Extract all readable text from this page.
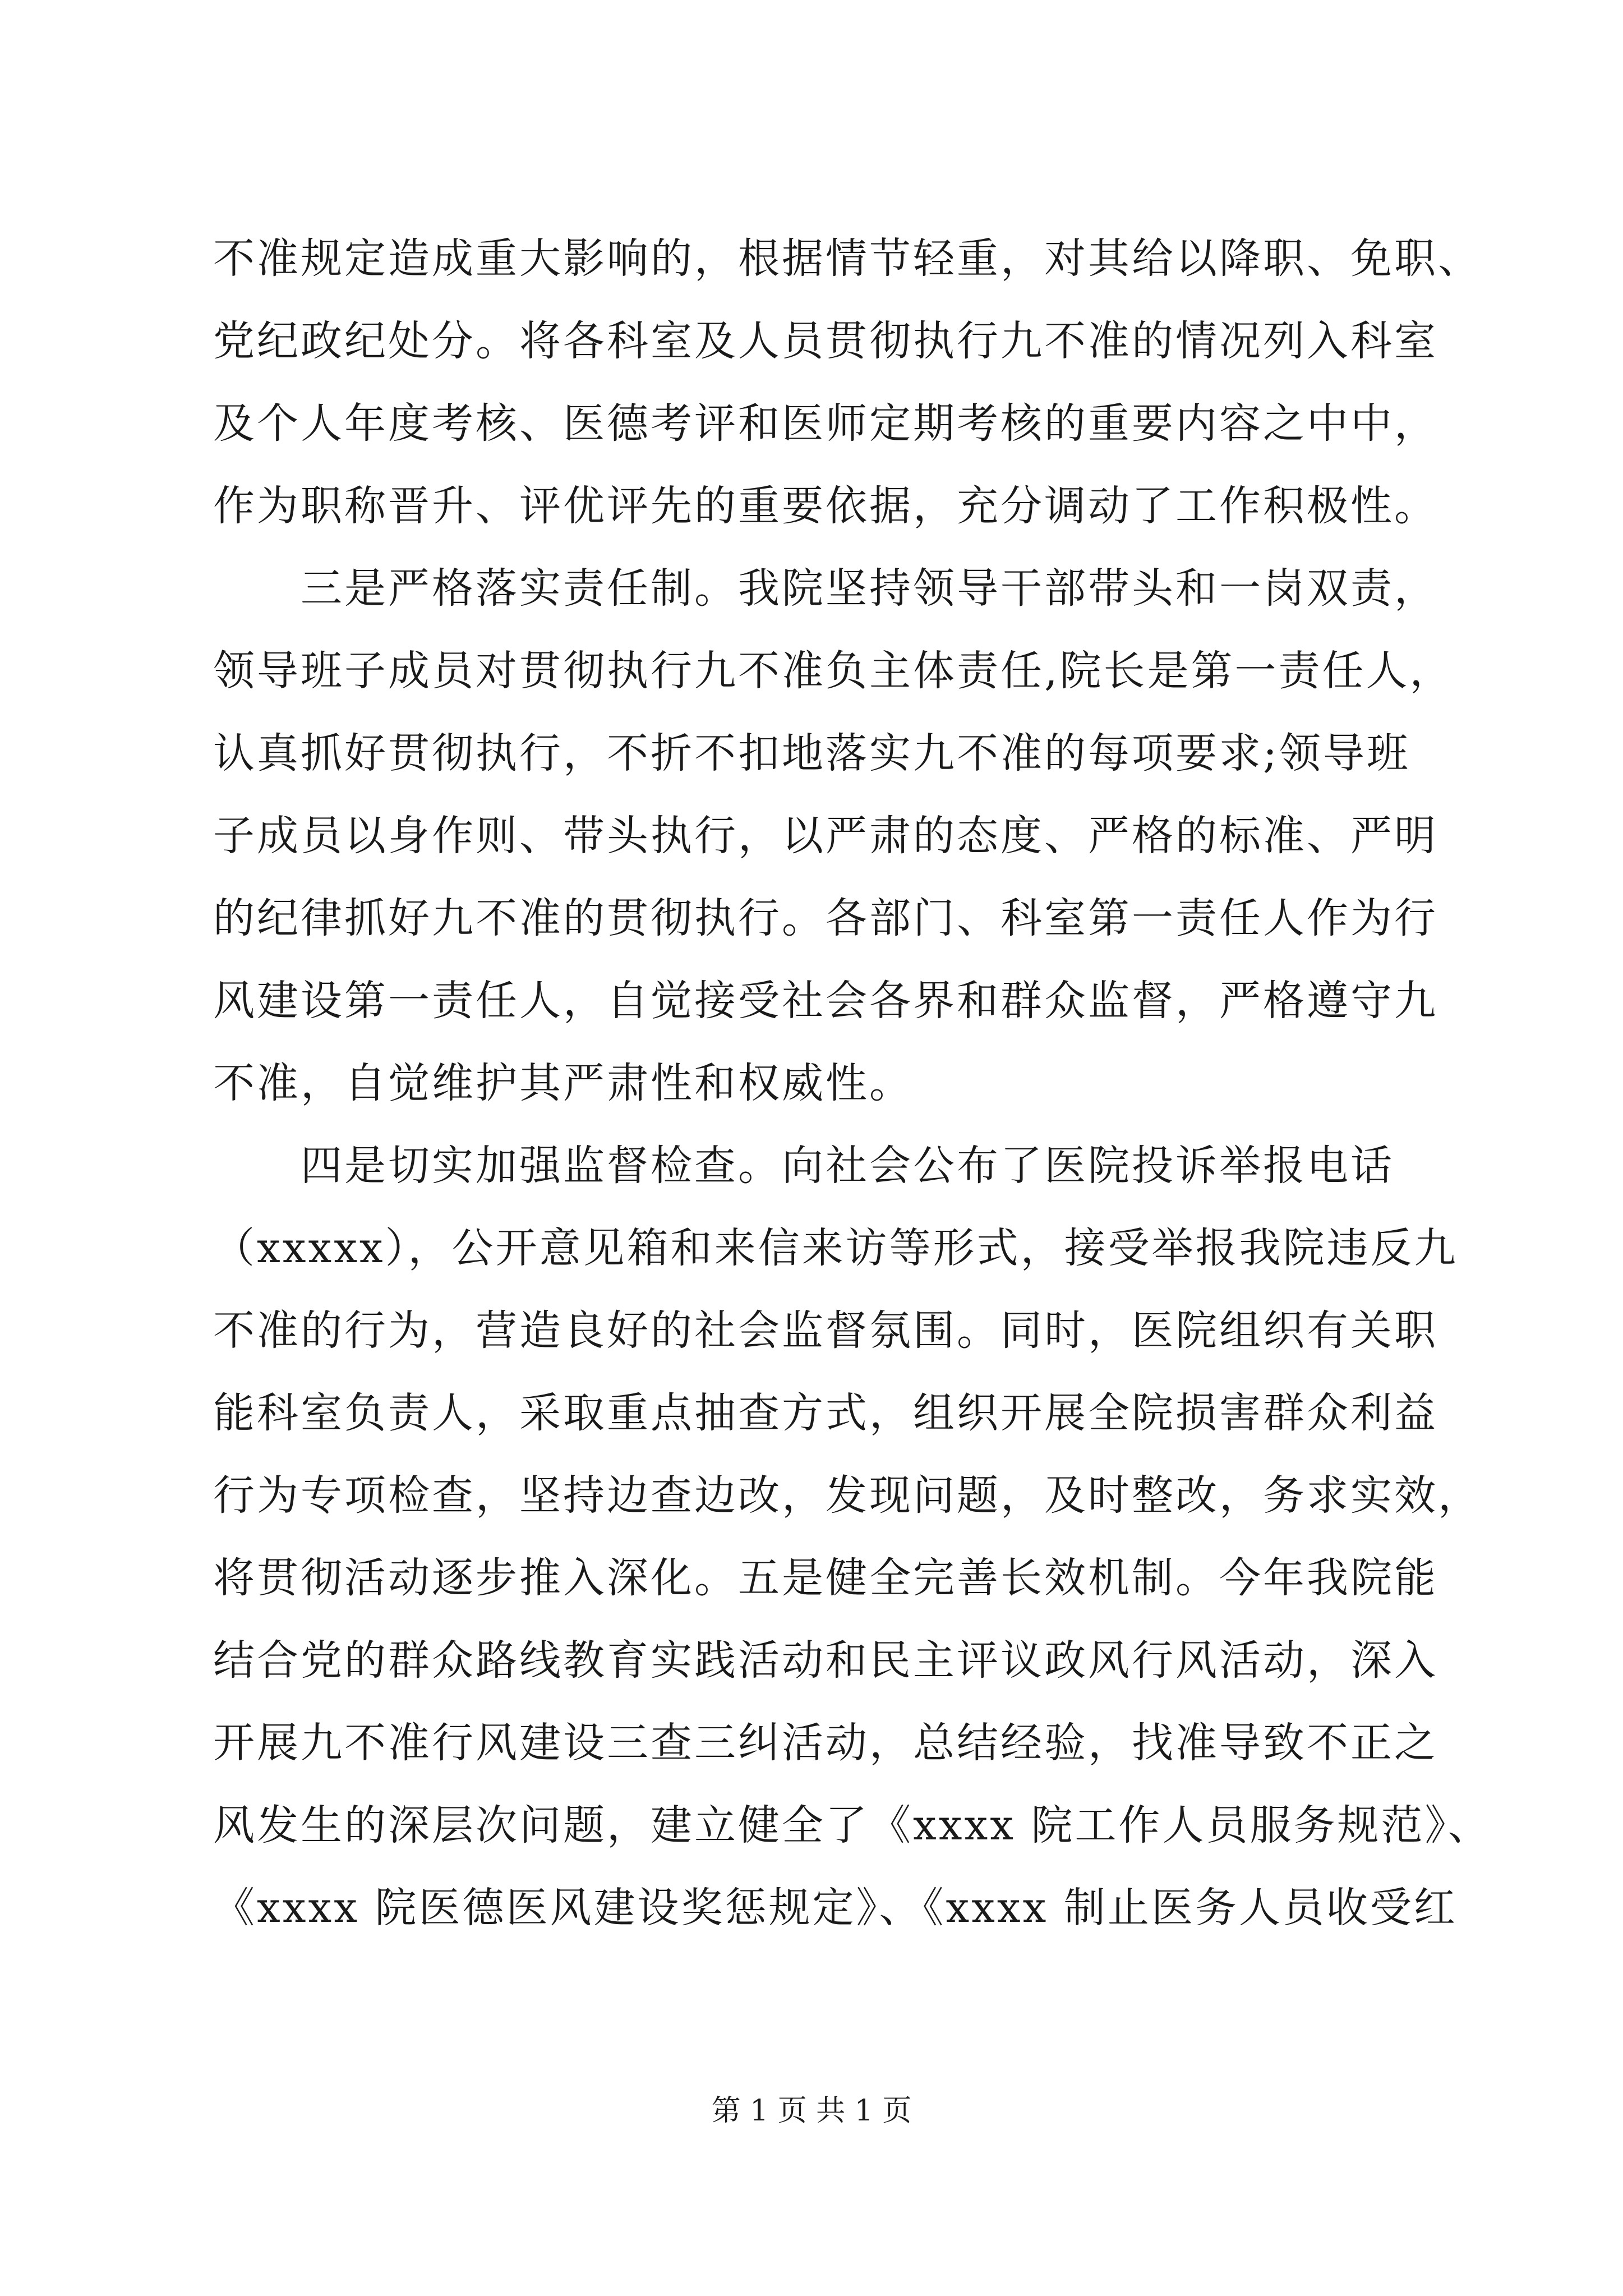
不准规定造成重大影响的，根据情节轻重，对其给以降职、免职、
党纪政纪处分。将各科室及人员贯彻执行九不准的情况列入科室
及个人年度考核、医德考评和医师定期考核的重要内容之中中，
作为职称晋升、评优评先的重要依据，充分调动了工作积极性。
三是严格落实责任制。我院坚持领导干部带头和一岗双责，
领导班子成员对贯彻执行九不准负主体责任,院长是第一责任人，
认真抓好贯彻执行，不折不扣地落实九不准的每项要求;领导班
子成员以身作则、带头执行，以严肃的态度、严格的标准、严明
的纪律抓好九不准的贯彻执行。各部门、科室第一责任人作为行
风建设第一责任人，自觉接受社会各界和群众监督，严格遵守九
不准，自觉维护其严肃性和权威性。
四是切实加强监督检查。向社会公布了医院投诉举报电话
（xxxxx），公开意见箱和来信来访等形式，接受举报我院违反九
不准的行为，营造良好的社会监督氛围。同时，医院组织有关职
能科室负责人，采取重点抽查方式，组织开展全院损害群众利益
行为专项检查，坚持边查边改，发现问题，及时整改，务求实效，
将贯彻活动逐步推入深化。五是健全完善长效机制。今年我院能
结合党的群众路线教育实践活动和民主评议政风行风活动，深入
开展九不准行风建设三查三纠活动，总结经验，找准导致不正之
风发生的深层次问题，建立健全了《xxxx 院工作人员服务规范》、
《xxxx 院医德医风建设奖惩规定》、《xxxx 制止医务人员收受红
第 1 页 共 1 页
